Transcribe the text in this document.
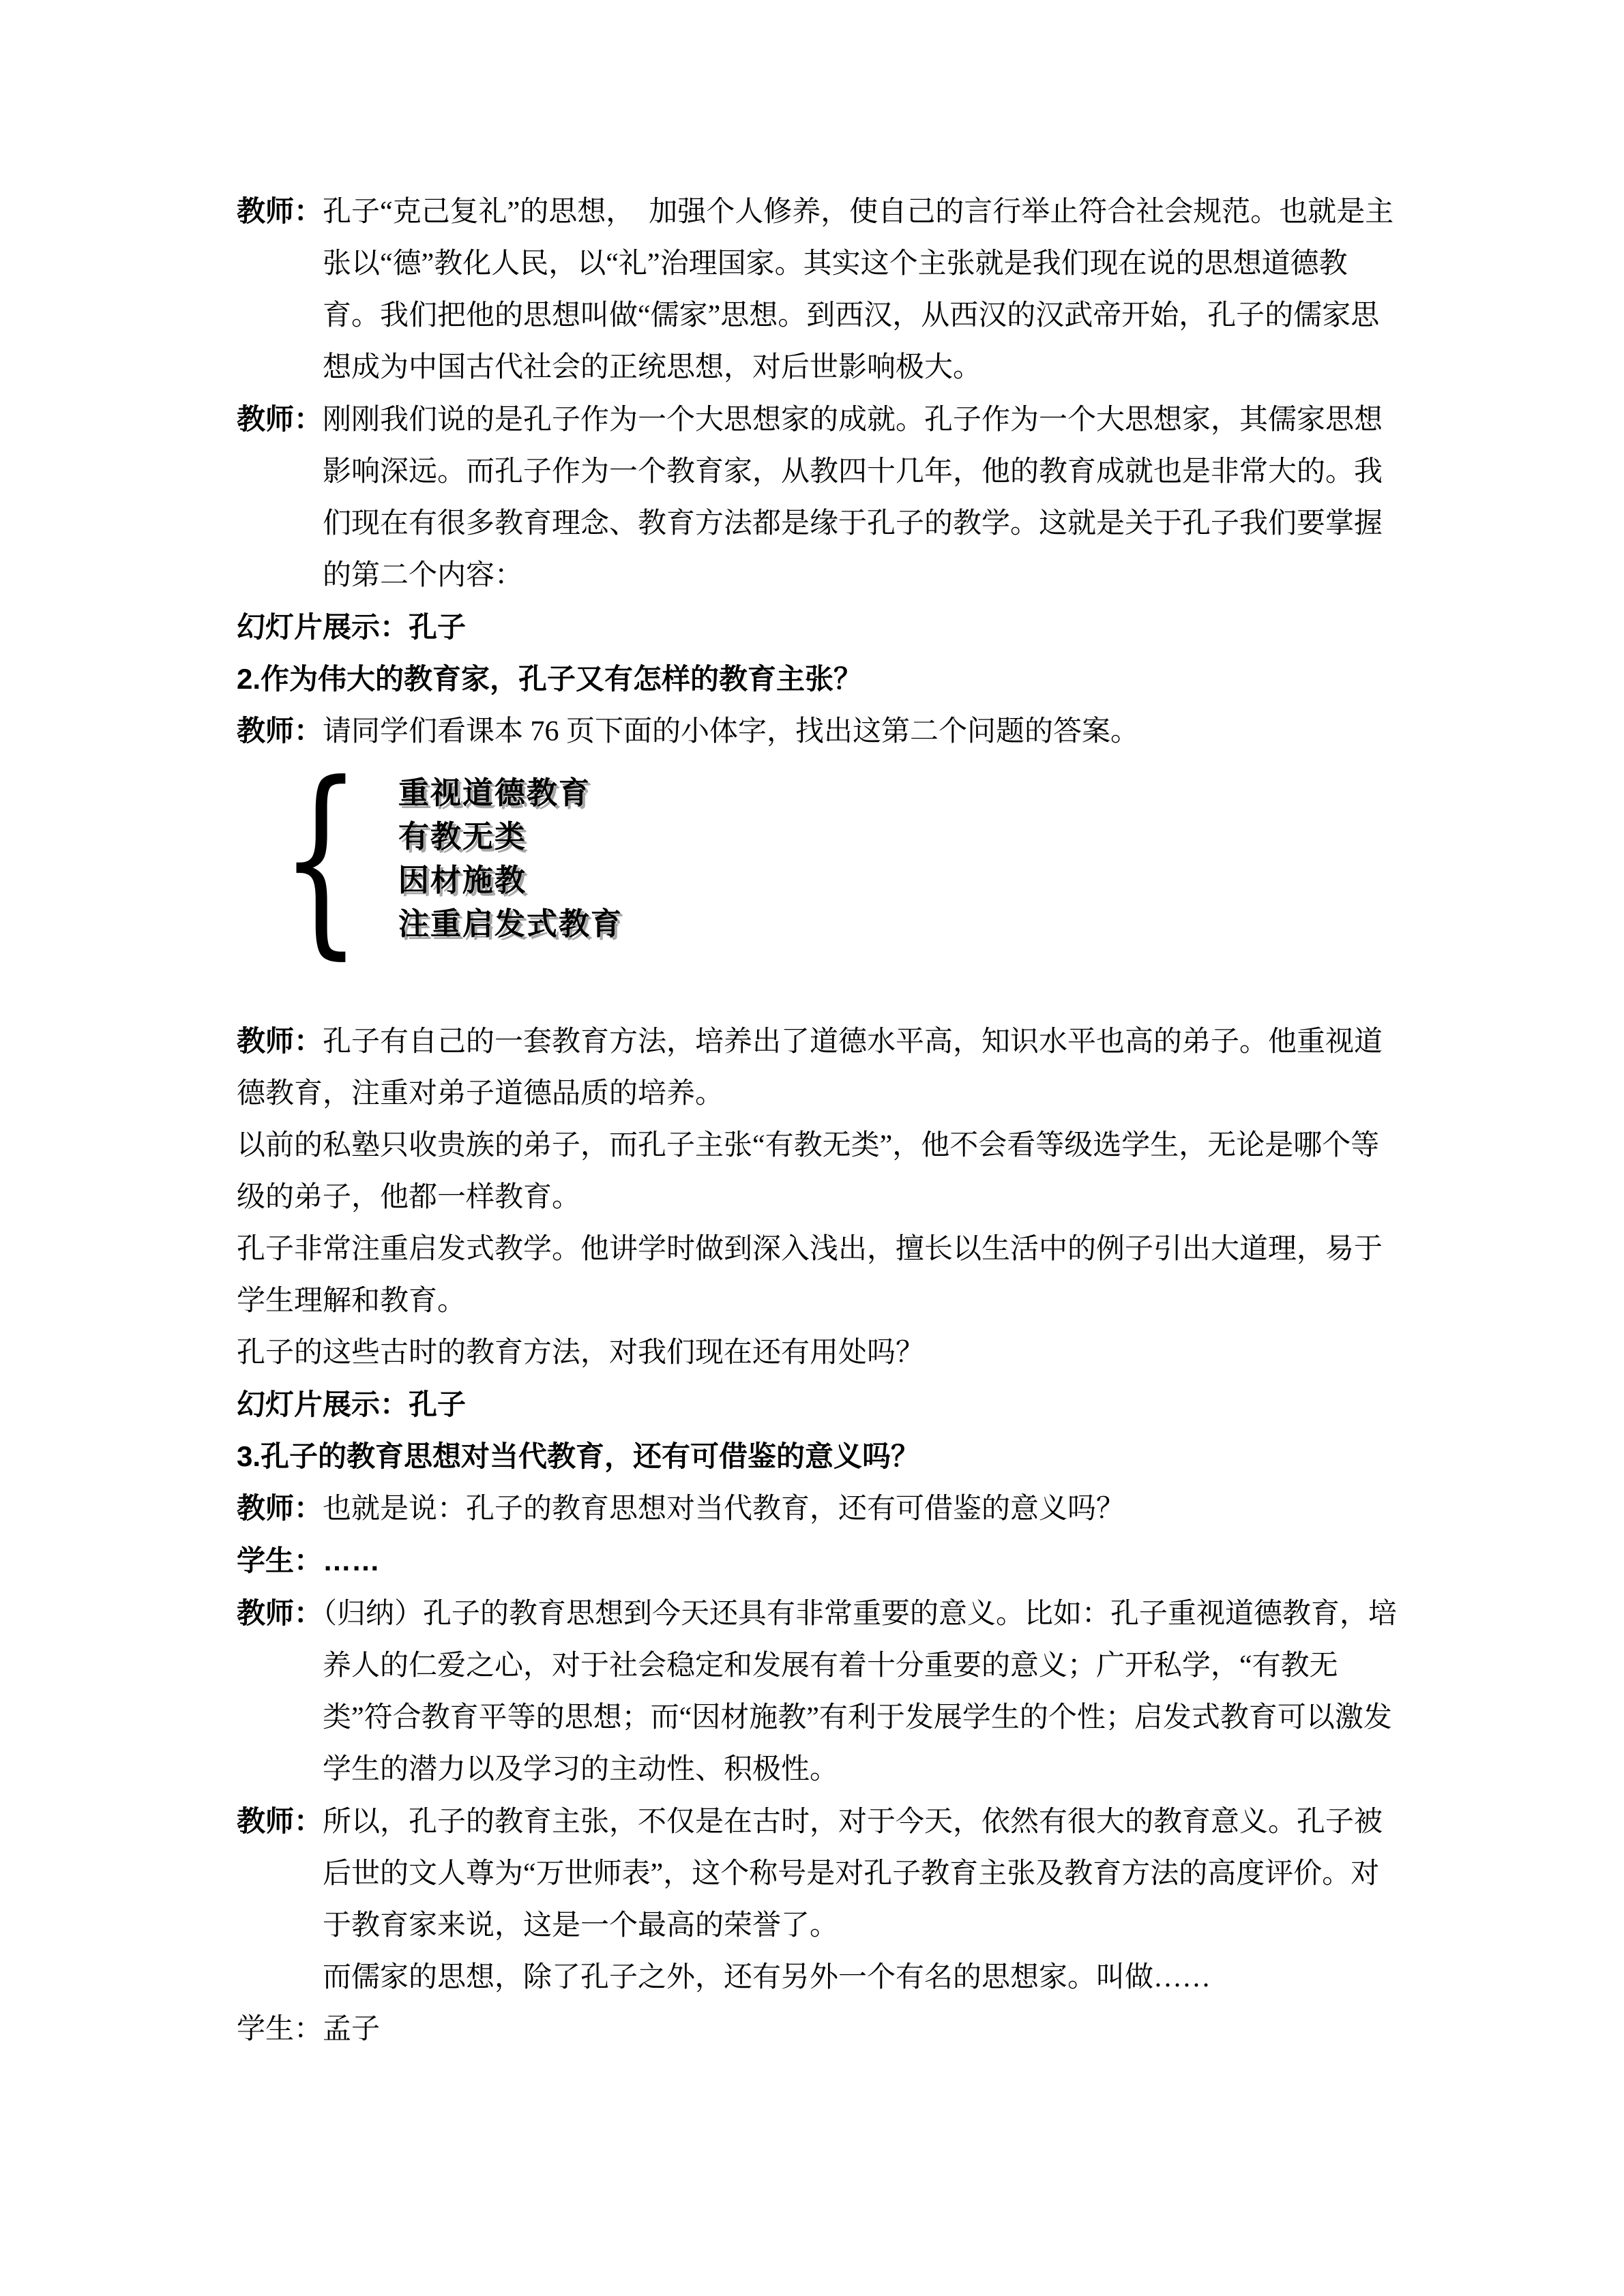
教师：孔子“克己复礼”的思想，　加强个人修养，使自己的言行举止符合社会规范。也就是主张以“德”教化人民，以“礼”治理国家。其实这个主张就是我们现在说的思想道德教育。我们把他的思想叫做“儒家”思想。到西汉，从西汉的汉武帝开始，孔子的儒家思想成为中国古代社会的正统思想，对后世影响极大。

教师：刚刚我们说的是孔子作为一个大思想家的成就。孔子作为一个大思想家，其儒家思想影响深远。而孔子作为一个教育家，从教四十几年，他的教育成就也是非常大的。我们现在有很多教育理念、教育方法都是缘于孔子的教学。这就是关于孔子我们要掌握的第二个内容：

幻灯片展示：孔子

2.作为伟大的教育家，孔子又有怎样的教育主张？

教师：请同学们看课本 76 页下面的小体字，找出这第二个问题的答案。

{ 重视道德教育
有教无类
因材施教
注重启发式教育

教师：孔子有自己的一套教育方法，培养出了道德水平高，知识水平也高的弟子。他重视道德教育，注重对弟子道德品质的培养。

以前的私塾只收贵族的弟子，而孔子主张“有教无类”，他不会看等级选学生，无论是哪个等级的弟子，他都一样教育。

孔子非常注重启发式教学。他讲学时做到深入浅出，擅长以生活中的例子引出大道理，易于学生理解和教育。

孔子的这些古时的教育方法，对我们现在还有用处吗？

幻灯片展示：孔子

3.孔子的教育思想对当代教育，还有可借鉴的意义吗？

教师：也就是说：孔子的教育思想对当代教育，还有可借鉴的意义吗？

学生：……

教师：（归纳）孔子的教育思想到今天还具有非常重要的意义。比如：孔子重视道德教育，培养人的仁爱之心，对于社会稳定和发展有着十分重要的意义；广开私学，“有教无类”符合教育平等的思想；而“因材施教”有利于发展学生的个性；启发式教育可以激发学生的潜力以及学习的主动性、积极性。

教师：所以，孔子的教育主张，不仅是在古时，对于今天，依然有很大的教育意义。孔子被后世的文人尊为“万世师表”，这个称号是对孔子教育主张及教育方法的高度评价。对于教育家来说，这是一个最高的荣誉了。

而儒家的思想，除了孔子之外，还有另外一个有名的思想家。叫做……

学生：孟子
